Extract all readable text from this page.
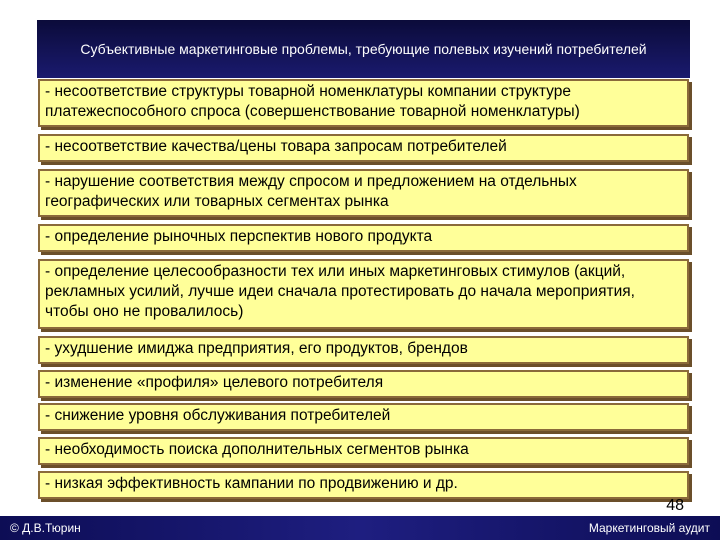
Субъективные маркетинговые проблемы, требующие полевых изучений потребителей
- несоответствие структуры товарной номенклатуры компании структуре платежеспособного спроса (совершенствование товарной номенклатуры)
- несоответствие качества/цены товара запросам потребителей
- нарушение соответствия между спросом и предложением на отдельных географических или товарных сегментах рынка
- определение рыночных перспектив нового продукта
- определение целесообразности тех или иных маркетинговых стимулов (акций, рекламных усилий, лучше идеи сначала протестировать до начала мероприятия, чтобы оно не провалилось)
- ухудшение имиджа предприятия, его продуктов, брендов
- изменение «профиля» целевого потребителя
- снижение уровня обслуживания потребителей
- необходимость поиска дополнительных сегментов рынка
- низкая эффективность кампании по продвижению и др.
48
© Д.В.Тюрин	Маркетинговый аудит
